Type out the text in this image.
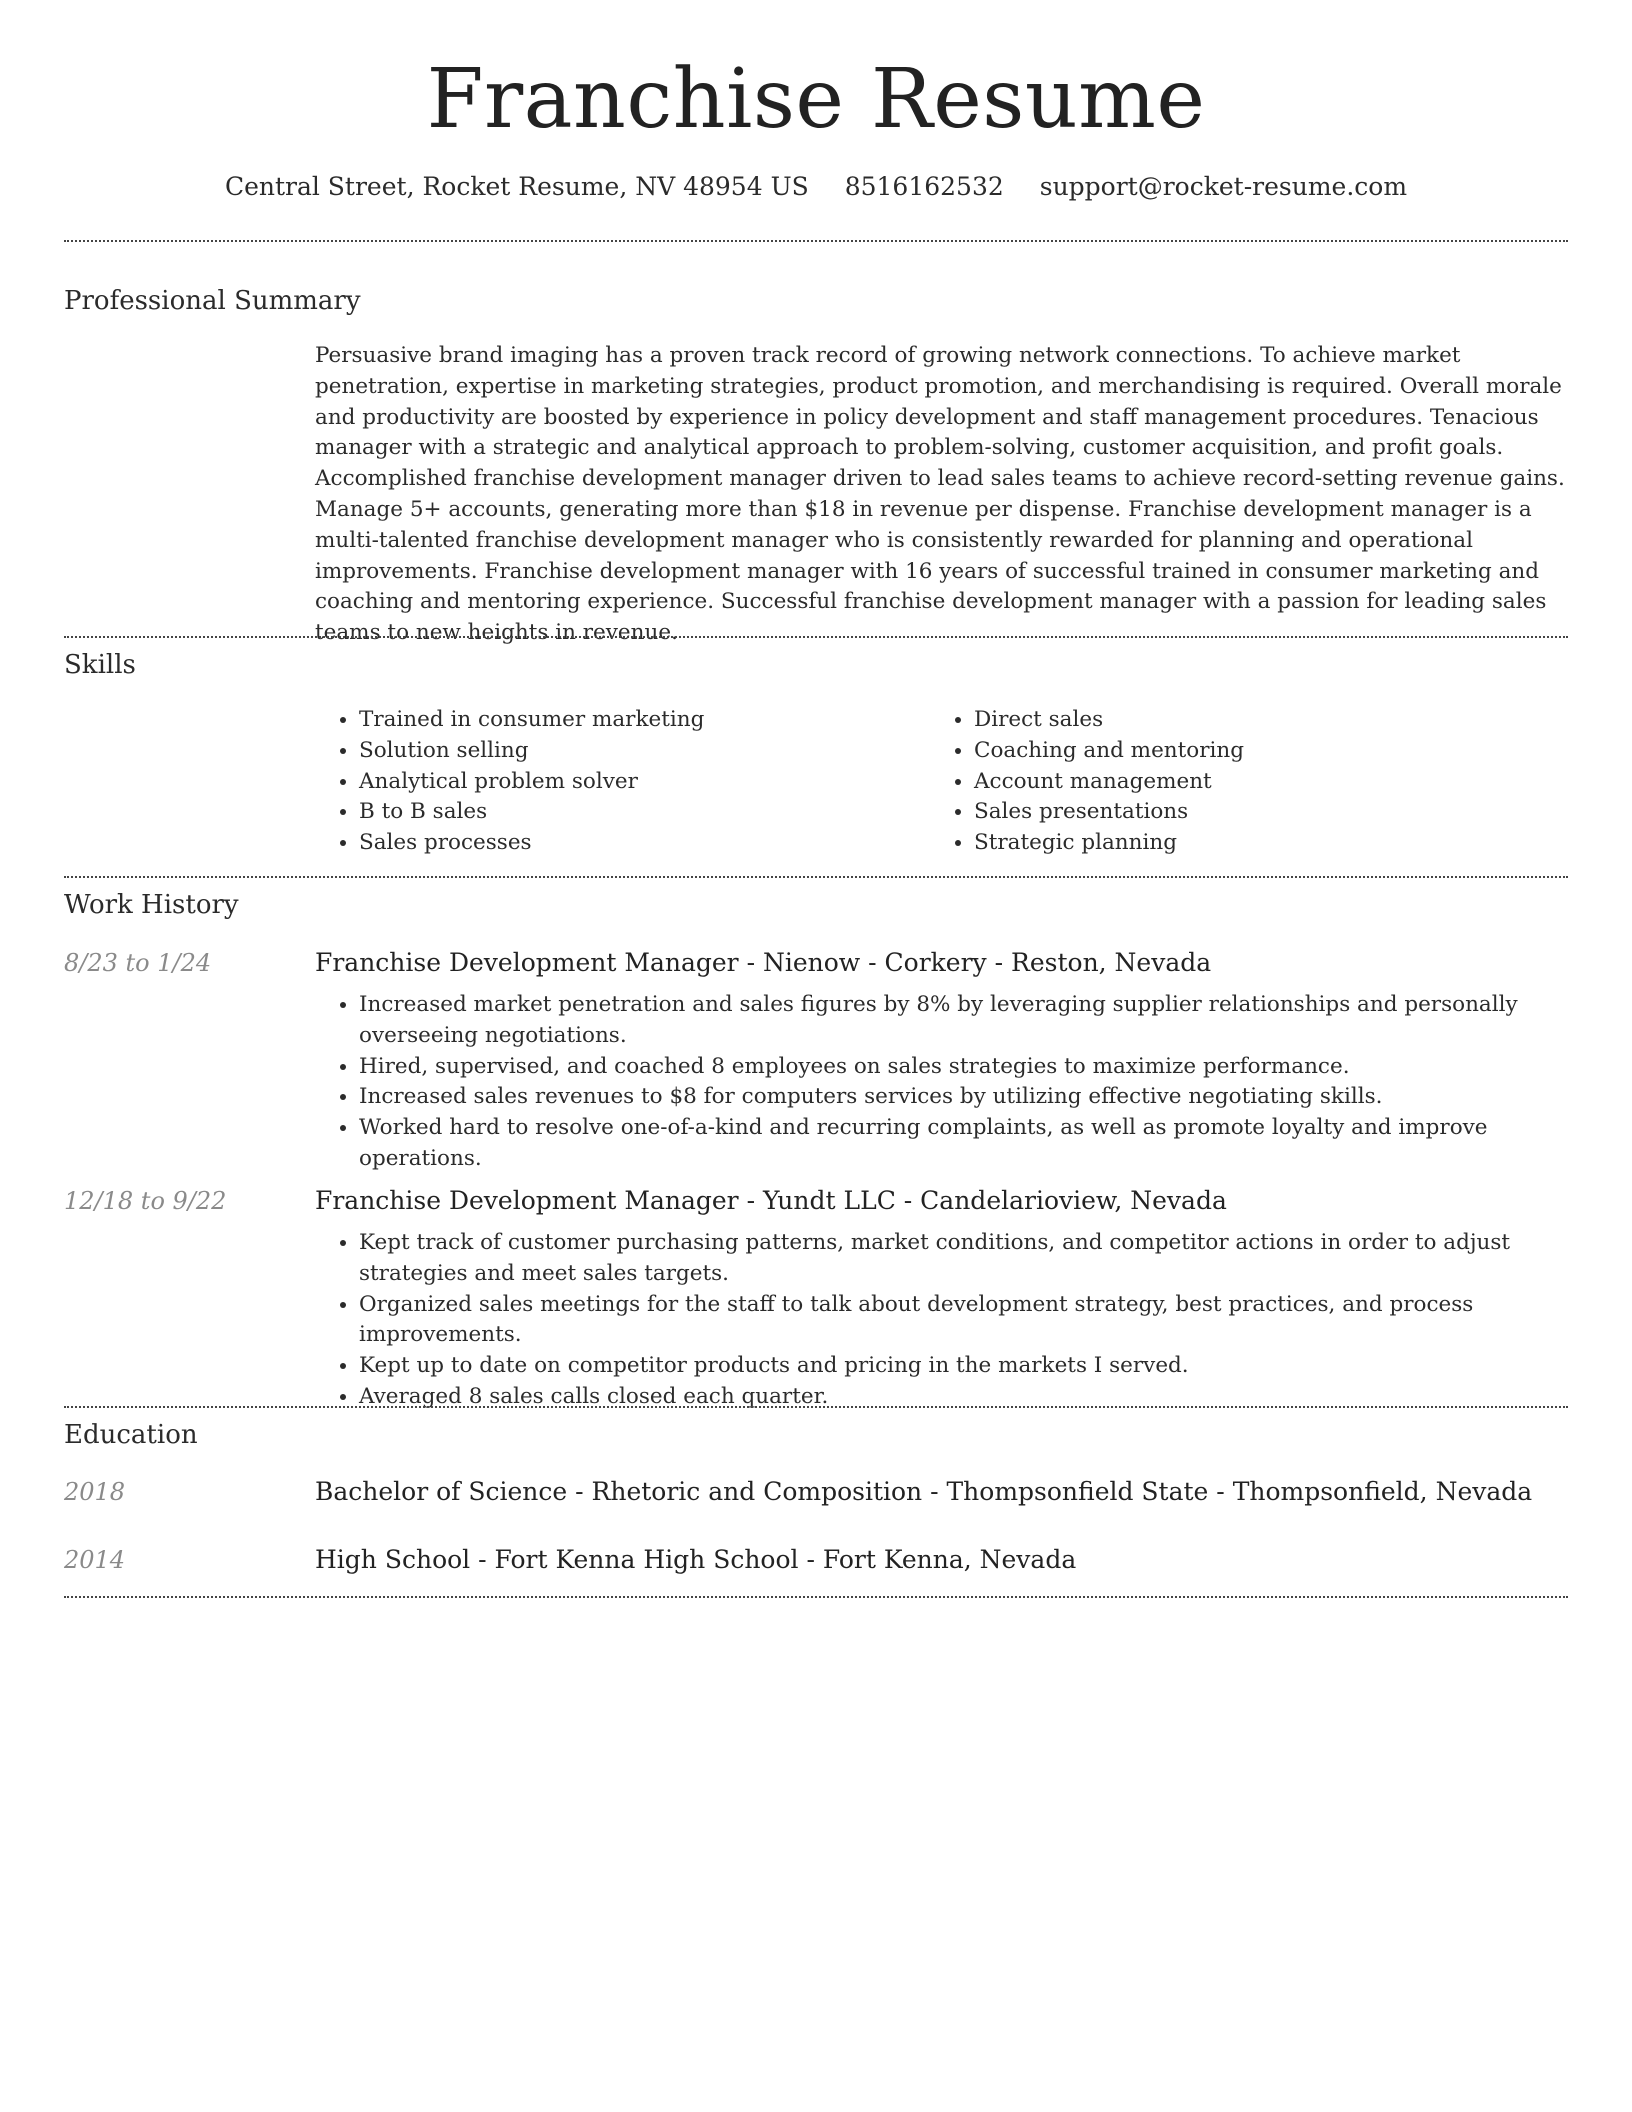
Franchise Resume
Central Street, Rocket Resume, NV 48954 US 8516162532 support@rocket-resume.com
Professional Summary

Persuasive brand imaging has a proven track record of growing network connections. To achieve market penetration, expertise in marketing strategies, product promotion, and merchandising is required. Overall morale and productivity are boosted by experience in policy development and staff management procedures. Tenacious manager with a strategic and analytical approach to problem-solving, customer acquisition, and profit goals. Accomplished franchise development manager driven to lead sales teams to achieve record-setting revenue gains. Manage 5+ accounts, generating more than $18 in revenue per dispense. Franchise development manager is a multi-talented franchise development manager who is consistently rewarded for planning and operational improvements. Franchise development manager with 16 years of successful trained in consumer marketing and coaching and mentoring experience. Successful franchise development manager with a passion for leading sales teams to new heights in revenue.

Skills
• Trained in consumer marketing
• Solution selling
• Analytical problem solver
• B to B sales
• Sales processes
• Direct sales
• Coaching and mentoring
• Account management
• Sales presentations
• Strategic planning
Work History
8/23 to 1/24	Franchise Development Manager - Nienow - Corkery - Reston, Nevada

• Increased market penetration and sales figures by 8% by leveraging supplier relationships and personally overseeing negotiations.
• Hired, supervised, and coached 8 employees on sales strategies to maximize performance.
• Increased sales revenues to $8 for computers services by utilizing effective negotiating skills.
• Worked hard to resolve one-of-a-kind and recurring complaints, as well as promote loyalty and improve operations.
12/18 to 9/22	Franchise Development Manager - Yundt LLC - Candelarioview, Nevada

• Kept track of customer purchasing patterns, market conditions, and competitor actions in order to adjust strategies and meet sales targets.
• Organized sales meetings for the staff to talk about development strategy, best practices, and process improvements.
• Kept up to date on competitor products and pricing in the markets I served.
• Averaged 8 sales calls closed each quarter.
Education
2018	Bachelor of Science - Rhetoric and Composition - Thompsonfield State - Thompsonfield, Nevada

2014	High School - Fort Kenna High School - Fort Kenna, Nevada
